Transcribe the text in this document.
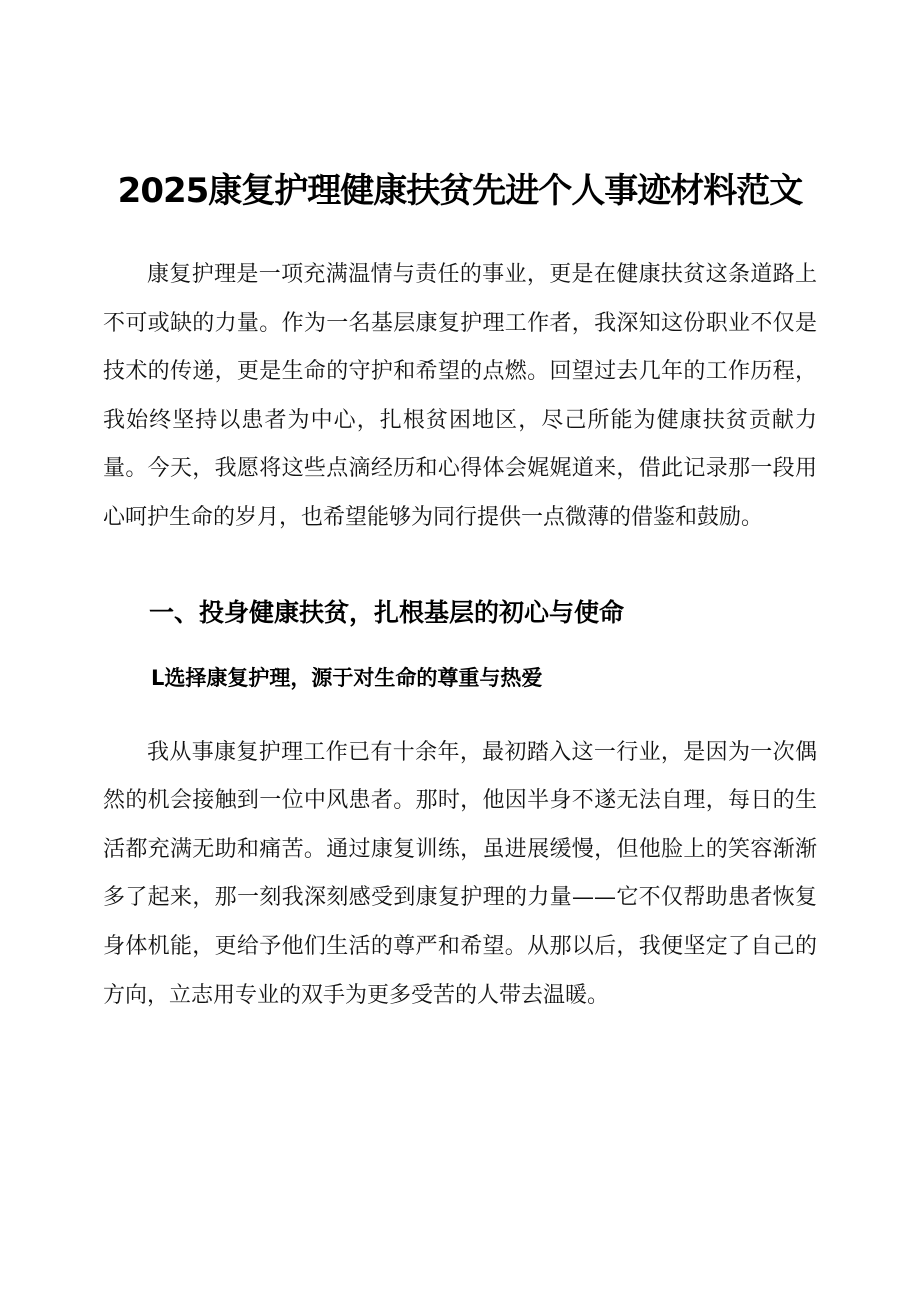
2025康复护理健康扶贫先进个人事迹材料范文

康复护理是一项充满温情与责任的事业，更是在健康扶贫这条道路上不可或缺的力量。作为一名基层康复护理工作者，我深知这份职业不仅是技术的传递，更是生命的守护和希望的点燃。回望过去几年的工作历程，我始终坚持以患者为中心，扎根贫困地区，尽己所能为健康扶贫贡献力量。今天，我愿将这些点滴经历和心得体会娓娓道来，借此记录那一段用心呵护生命的岁月，也希望能够为同行提供一点微薄的借鉴和鼓励。

一、投身健康扶贫，扎根基层的初心与使命
L选择康复护理，源于对生命的尊重与热爱

我从事康复护理工作已有十余年，最初踏入这一行业，是因为一次偶然的机会接触到一位中风患者。那时，他因半身不遂无法自理，每日的生活都充满无助和痛苦。通过康复训练，虽进展缓慢，但他脸上的笑容渐渐多了起来，那一刻我深刻感受到康复护理的力量——它不仅帮助患者恢复身体机能，更给予他们生活的尊严和希望。从那以后，我便坚定了自己的方向，立志用专业的双手为更多受苦的人带去温暖。
